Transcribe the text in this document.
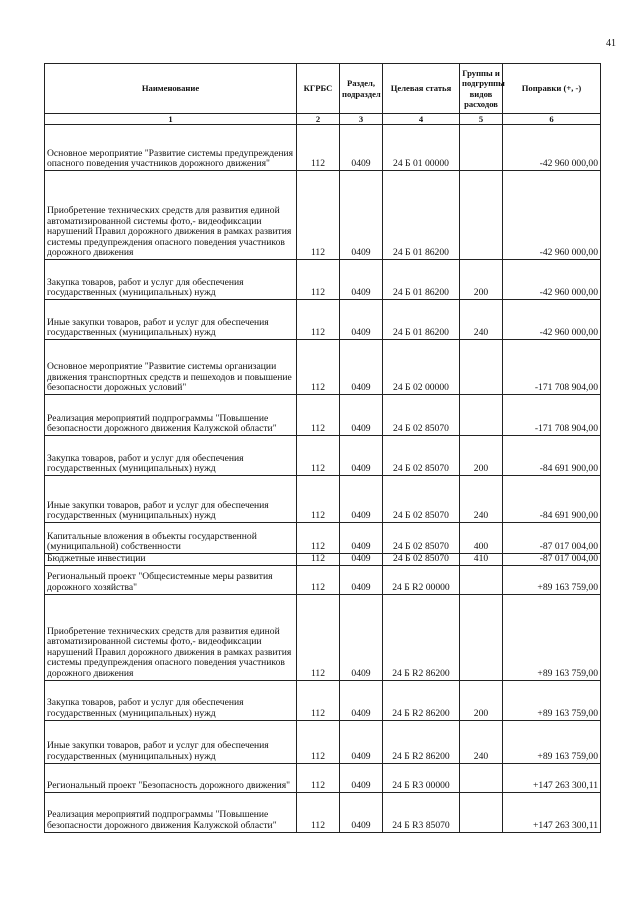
41
Наименование	КГРБС	Раздел, подраздел	Целевая статья	Группы и подгруппы видов расходов	Поправки (+, -)
1	2	3	4	5	6
Основное мероприятие "Развитие системы предупреждения опасного поведения участников дорожного движения"	112	0409	24 Б 01 00000		-42 960 000,00
Приобретение технических средств для развития единой автоматизированной системы фото,- видеофиксации нарушений Правил дорожного движения в рамках развития системы предупреждения опасного поведения участников дорожного движения	112	0409	24 Б 01 86200		-42 960 000,00
Закупка товаров, работ и услуг для обеспечения государственных (муниципальных) нужд	112	0409	24 Б 01 86200	200	-42 960 000,00
Иные закупки товаров, работ и услуг для обеспечения государственных (муниципальных) нужд	112	0409	24 Б 01 86200	240	-42 960 000,00
Основное мероприятие "Развитие системы организации движения транспортных средств и пешеходов и повышение безопасности дорожных условий"	112	0409	24 Б 02 00000		-171 708 904,00
Реализация мероприятий подпрограммы "Повышение безопасности дорожного движения Калужской области"	112	0409	24 Б 02 85070		-171 708 904,00
Закупка товаров, работ и услуг для обеспечения государственных (муниципальных) нужд	112	0409	24 Б 02 85070	200	-84 691 900,00
Иные закупки товаров, работ и услуг для обеспечения государственных (муниципальных) нужд	112	0409	24 Б 02 85070	240	-84 691 900,00
Капитальные вложения в объекты государственной (муниципальной) собственности	112	0409	24 Б 02 85070	400	-87 017 004,00
Бюджетные инвестиции	112	0409	24 Б 02 85070	410	-87 017 004,00
Региональный проект "Общесистемные меры развития дорожного хозяйства"	112	0409	24 Б R2 00000		+89 163 759,00
Приобретение технических средств для развития единой автоматизированной системы фото,- видеофиксации нарушений Правил дорожного движения в рамках развития системы предупреждения опасного поведения участников дорожного движения	112	0409	24 Б R2 86200		+89 163 759,00
Закупка товаров, работ и услуг для обеспечения государственных (муниципальных) нужд	112	0409	24 Б R2 86200	200	+89 163 759,00
Иные закупки товаров, работ и услуг для обеспечения государственных (муниципальных) нужд	112	0409	24 Б R2 86200	240	+89 163 759,00
Региональный проект "Безопасность дорожного движения"	112	0409	24 Б R3 00000		+147 263 300,11
Реализация мероприятий подпрограммы "Повышение безопасности дорожного движения Калужской области"	112	0409	24 Б R3 85070		+147 263 300,11
